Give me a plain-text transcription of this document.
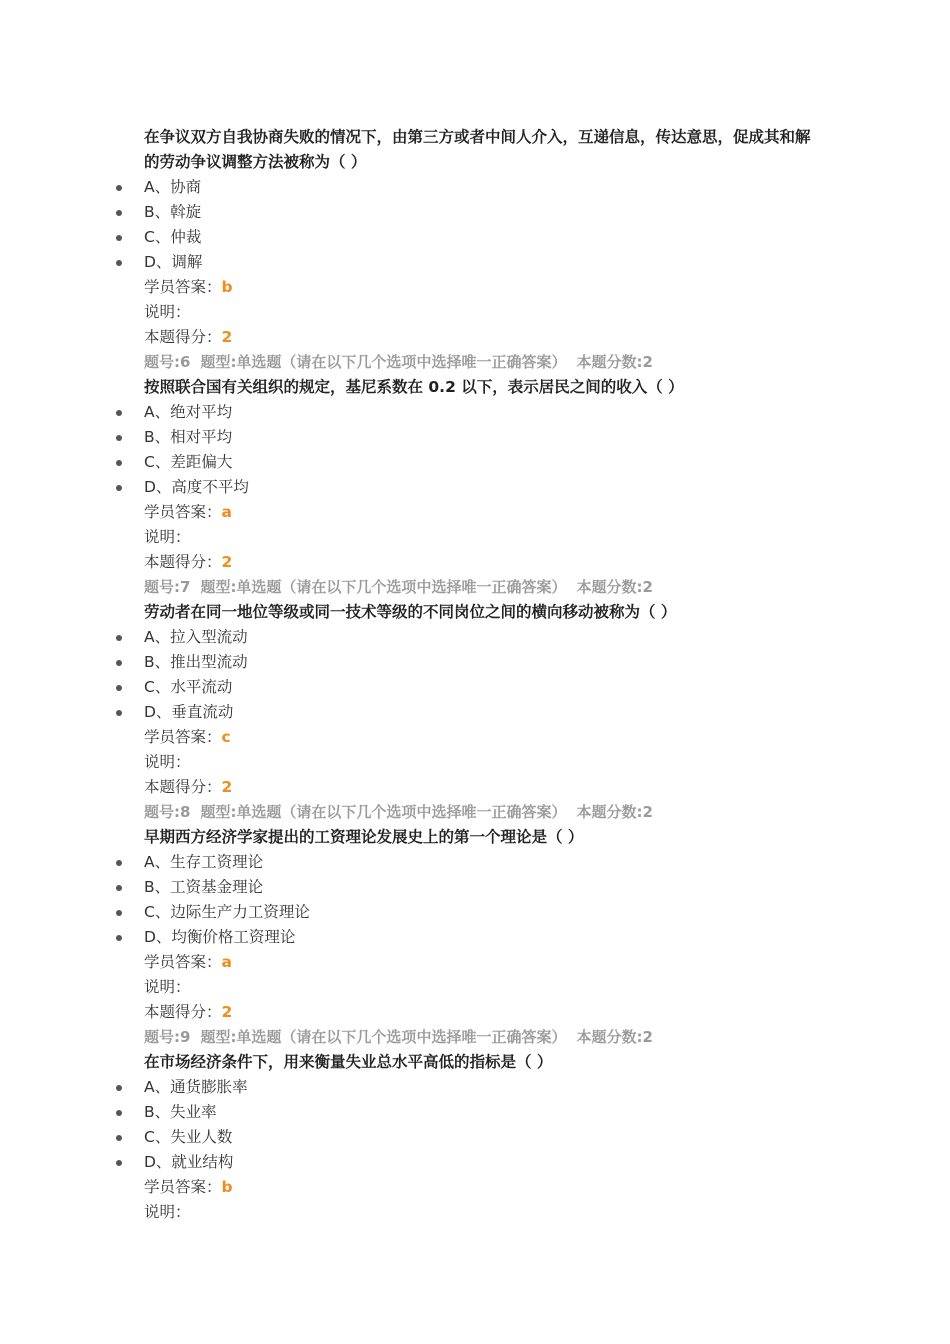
在争议双方自我协商失败的情况下，由第三方或者中间人介入，互递信息，传达意思，促成其和解的劳动争议调整方法被称为（ ）
A、协商
B、斡旋
C、仲裁
D、调解
学员答案：b
说明：
本题得分：2
题号:6 题型:单选题（请在以下几个选项中选择唯一正确答案） 本题分数:2
按照联合国有关组织的规定，基尼系数在 0.2 以下，表示居民之间的收入（ ）
A、绝对平均
B、相对平均
C、差距偏大
D、高度不平均
学员答案：a
说明：
本题得分：2
题号:7 题型:单选题（请在以下几个选项中选择唯一正确答案） 本题分数:2
劳动者在同一地位等级或同一技术等级的不同岗位之间的横向移动被称为（ ）
A、拉入型流动
B、推出型流动
C、水平流动
D、垂直流动
学员答案：c
说明：
本题得分：2
题号:8 题型:单选题（请在以下几个选项中选择唯一正确答案） 本题分数:2
早期西方经济学家提出的工资理论发展史上的第一个理论是（ ）
A、生存工资理论
B、工资基金理论
C、边际生产力工资理论
D、均衡价格工资理论
学员答案：a
说明：
本题得分：2
题号:9 题型:单选题（请在以下几个选项中选择唯一正确答案） 本题分数:2
在市场经济条件下，用来衡量失业总水平高低的指标是（ ）
A、通货膨胀率
B、失业率
C、失业人数
D、就业结构
学员答案：b
说明：
